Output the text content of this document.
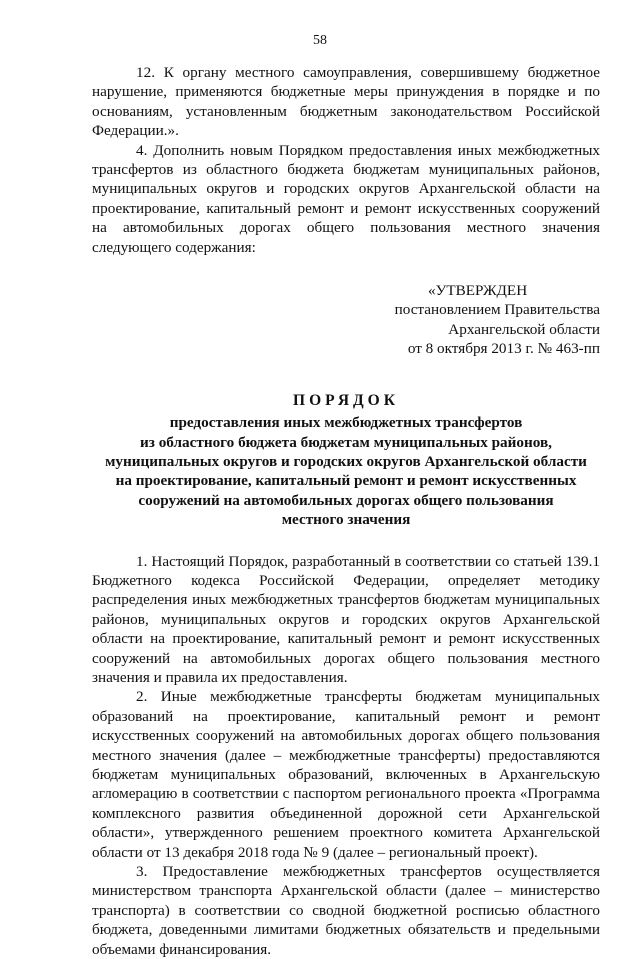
58

12. К органу местного самоуправления, совершившему бюджетное нарушение, применяются бюджетные меры принуждения в порядке и по основаниям, установленным бюджетным законодательством Российской Федерации.».

4. Дополнить новым Порядком предоставления иных межбюджетных трансфертов из областного бюджета бюджетам муниципальных районов, муниципальных округов и городских округов Архангельской области на проектирование, капитальный ремонт и ремонт искусственных сооружений на автомобильных дорогах общего пользования местного значения следующего содержания:

«УТВЕРЖДЕН
постановлением Правительства
Архангельской области
от 8 октября 2013 г. № 463-пп
ПОРЯДОК
предоставления иных межбюджетных трансфертов
из областного бюджета бюджетам муниципальных районов,
муниципальных округов и городских округов Архангельской области
на проектирование, капитальный ремонт и ремонт искусственных
сооружений на автомобильных дорогах общего пользования
местного значения

1. Настоящий Порядок, разработанный в соответствии со статьей 139.1 Бюджетного кодекса Российской Федерации, определяет методику распределения иных межбюджетных трансфертов бюджетам муниципальных районов, муниципальных округов и городских округов Архангельской области на проектирование, капитальный ремонт и ремонт искусственных сооружений на автомобильных дорогах общего пользования местного значения и правила их предоставления.

2. Иные межбюджетные трансферты бюджетам муниципальных образований на проектирование, капитальный ремонт и ремонт искусственных сооружений на автомобильных дорогах общего пользования местного значения (далее – межбюджетные трансферты) предоставляются бюджетам муниципальных образований, включенных в Архангельскую агломерацию в соответствии с паспортом регионального проекта «Программа комплексного развития объединенной дорожной сети Архангельской области», утвержденного решением проектного комитета Архангельской области от 13 декабря 2018 года № 9 (далее – региональный проект).

3. Предоставление межбюджетных трансфертов осуществляется министерством транспорта Архангельской области (далее – министерство транспорта) в соответствии со сводной бюджетной росписью областного бюджета, доведенными лимитами бюджетных обязательств и предельными объемами финансирования.
